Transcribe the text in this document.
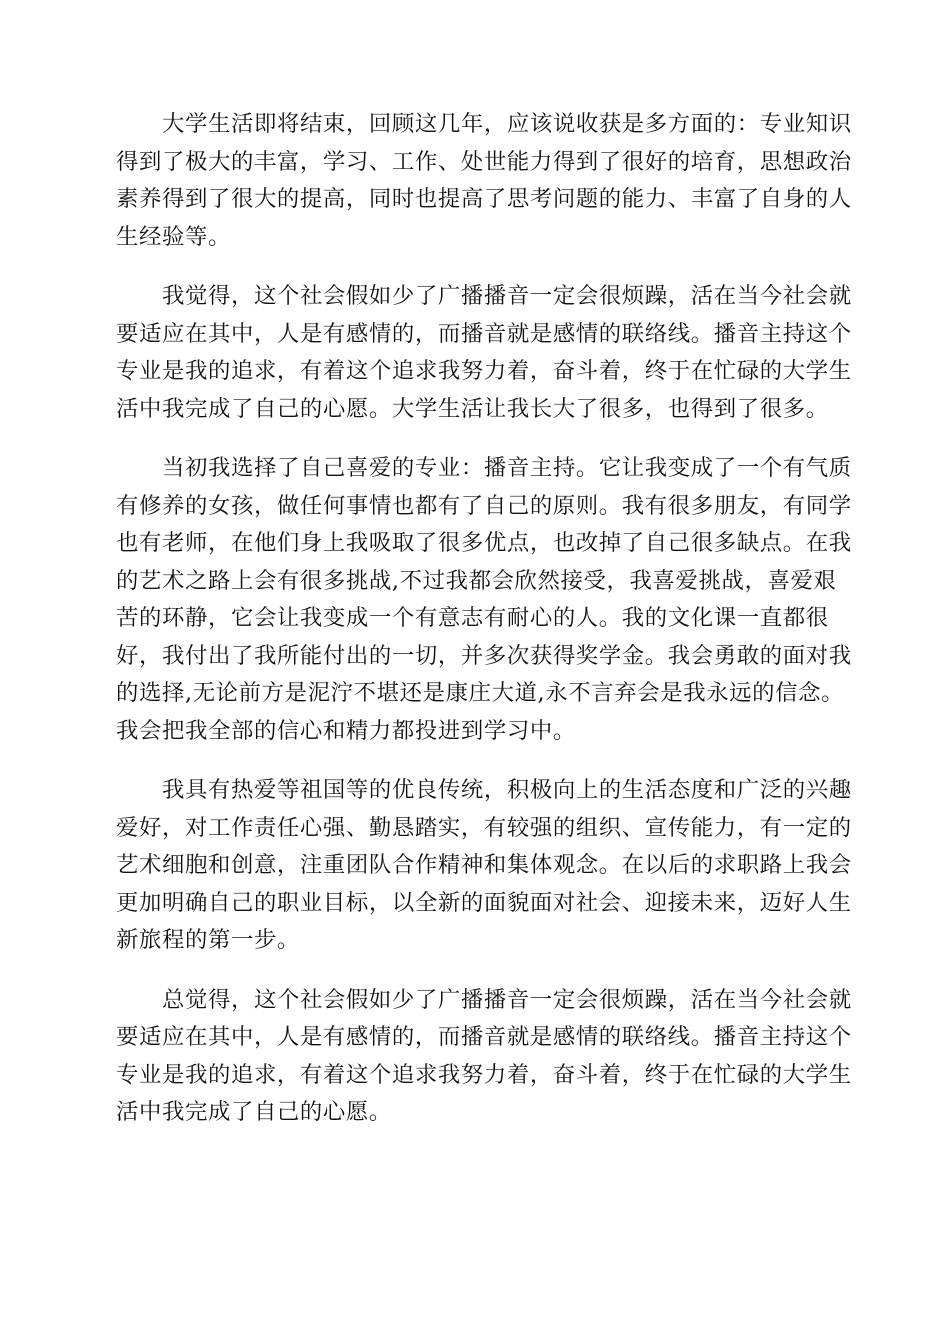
大学生活即将结束，回顾这几年，应该说收获是多方面的：专业知识
得到了极大的丰富，学习、工作、处世能力得到了很好的培育，思想政治
素养得到了很大的提高，同时也提高了思考问题的能力、丰富了自身的人
生经验等。

我觉得，这个社会假如少了广播播音一定会很烦躁，活在当今社会就
要适应在其中，人是有感情的，而播音就是感情的联络线。播音主持这个
专业是我的追求，有着这个追求我努力着，奋斗着，终于在忙碌的大学生
活中我完成了自己的心愿。大学生活让我长大了很多，也得到了很多。

当初我选择了自己喜爱的专业：播音主持。它让我变成了一个有气质
有修养的女孩，做任何事情也都有了自己的原则。我有很多朋友，有同学
也有老师，在他们身上我吸取了很多优点，也改掉了自己很多缺点。在我
的艺术之路上会有很多挑战,不过我都会欣然接受，我喜爱挑战，喜爱艰
苦的环静，它会让我变成一个有意志有耐心的人。我的文化课一直都很
好，我付出了我所能付出的一切，并多次获得奖学金。我会勇敢的面对我
的选择,无论前方是泥泞不堪还是康庄大道,永不言弃会是我永远的信念。
我会把我全部的信心和精力都投进到学习中。

我具有热爱等祖国等的优良传统，积极向上的生活态度和广泛的兴趣
爱好，对工作责任心强、勤恳踏实，有较强的组织、宣传能力，有一定的
艺术细胞和创意，注重团队合作精神和集体观念。在以后的求职路上我会
更加明确自己的职业目标，以全新的面貌面对社会、迎接未来，迈好人生
新旅程的第一步。

总觉得，这个社会假如少了广播播音一定会很烦躁，活在当今社会就
要适应在其中，人是有感情的，而播音就是感情的联络线。播音主持这个
专业是我的追求，有着这个追求我努力着，奋斗着，终于在忙碌的大学生
活中我完成了自己的心愿。
